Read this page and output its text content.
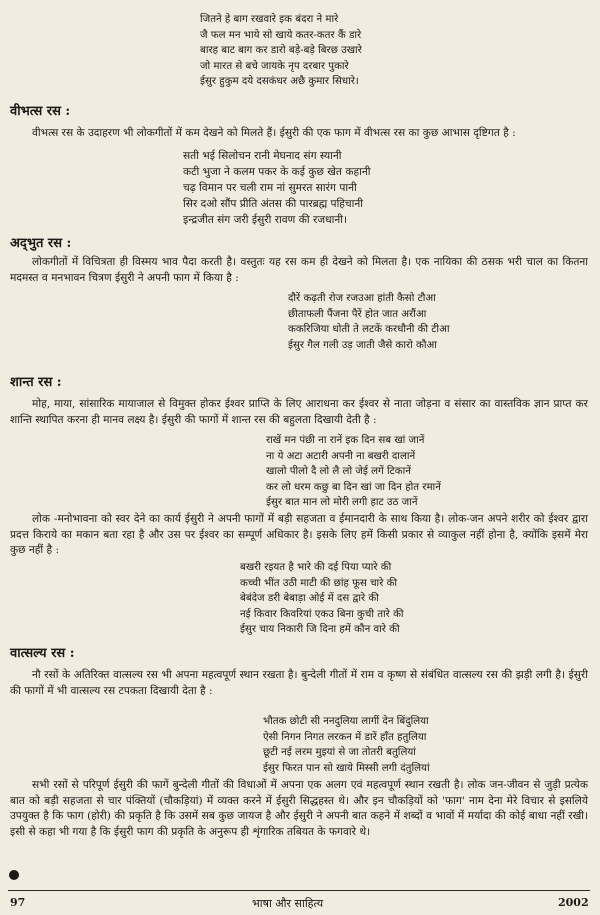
जितने हे बाग रखवारे इक बंदरा ने मारे
जै फल मन भाये सो खाये कतर-कतर कैं डारे
बारह बाट बाग कर डारो बड़े-बड़े बिरछ उखारे
जो मारत से बचे जायके नृप दरबार पुकारे
ईसुर हुकुम दये दसकंधर अछै कुमार सिधारे।
वीभत्स रस :
वीभत्स रस के उदाहरण भी लोकगीतों में कम देखने को मिलते हैं। ईसुरी की एक फाग में वीभत्स रस का कुछ आभास दृष्टिगत है :
सती भई सिलोचन रानी मेघनाद संग स्यानी
कटी भुजा ने कलम पकर के कई कुछ खेत कहानी
चढ़ विमान पर चली राम नां सुमरत सारंग पानी
सिर दओ सौंप प्रीति अंतस की पारब्रह्म पहिचानी
इन्द्रजीत संग जरी ईसुरी रावण की रजधानी।
अद्‌भुत रस :
लोकगीतों में विचित्रता ही विस्मय भाव पैदा करती है। वस्तुतः यह रस कम ही देखने को मिलता है। एक नायिका की ठसक भरी चाल का कितना मदमस्त व मनभावन चित्रण ईसुरी ने अपनी फाग में किया है :
दौरें कढ़ती रोज रजउआ हांती कैसो टौआ
छीताफली पैंजना पैरें होत जात अरौंआ
ककरिजिया धोती ते लटकें करधौनी की टीआ
ईसुर गैल गली उड़ जाती जैसे कारो कौआ
शान्त रस :
मोह, माया, सांसारिक मायाजाल से विमुक्त होकर ईश्वर प्राप्ति के लिए आराधना कर ईश्वर से नाता जोड़ना व संसार का वास्तविक ज्ञान प्राप्त कर शान्ति स्थापित करना ही मानव लक्ष्य है। ईसुरी की फागों में शान्त रस की बहुलता दिखायी देती है :
राखें मन पंछी ना रानें इक दिन सब खां जानें
ना ये अटा अटारी अपनी ना बखरी दालानें
खालो पीलो दै लो लै लो जेई लगें टिकानें
कर लो धरम कछु बा दिन खां जा दिन होत रमानें
ईसुर बात मान लो मोरी लगी हाट उठ जानें
लोक -मनोभावना को स्वर देने का कार्य ईसुरी ने अपनी फागों में बड़ी सहजता व ईमानदारी के साथ किया है। लोक-जन अपने शरीर को ईश्वर द्वारा प्रदत्त किराये का मकान बता रहा है और उस पर ईश्वर का सम्पूर्ण अधिकार है। इसके लिए हमें किसी प्रकार से व्याकुल नहीं होना है, क्योंकि इसमें मेरा कुछ नहीं है :
बखरी रइयत है भारे की दई पिया प्यारे की
कच्ची भींत उठी माटी की छांह फूस चारे की
बेबंदेज डरी बेबाड़ा ओई में दस द्वारे की
नई किवार किवरियां एकउ बिना कुची तारे की
ईसुर चाय निकारी जि दिना हमें कौन वारे की
वात्सल्य रस :
नौ रसों के अतिरिक्त वात्सल्य रस भी अपना महत्वपूर्ण स्थान रखता है। बुन्देली गीतों में राम व कृष्ण से संबंधित वात्सल्य रस की झड़ी लगी है। ईसुरी की फागों में भी वात्सल्य रस टपकता दिखायी देता है :
भौतक छोटी सी ननदुलिया लागीं देन बिंदुलिया
ऐसी निगन निगत लरकन में डारें हाँत हतुलिया
छूटी नई लरम मुइयां से जा तोतरी बतुलियां
ईसुर फिरत पान सो खाये मिस्सी लगी दंतुलियां
सभी रसों से परिपूर्ण ईसुरी की फागें बुन्देली गीतों की विधाओं में अपना एक अलग एवं महत्वपूर्ण स्थान रखती है। लोक जन-जीवन से जुड़ी प्रत्येक बात को बड़ी सहजता से चार पंक्तियों (चौकड़ियां) में व्यक्त करने में ईसुरी सिद्धहस्त थे। और इन चौकड़ियों को 'फाग' नाम देना मेरे विचार से इसलिये उपयुक्त है कि फाग (होरी) की प्रकृति है कि उसमें सब कुछ जायज है और ईसुरी ने अपनी बात कहने में शब्दों व भावों में मर्यादा की कोई बाधा नहीं रखी। इसी से कहा भी गया है कि ईसुरी फाग की प्रकृति के अनुरूप ही शृंगारिक तबियत के फगवारे थे।
97	भाषा और साहित्य	2002
